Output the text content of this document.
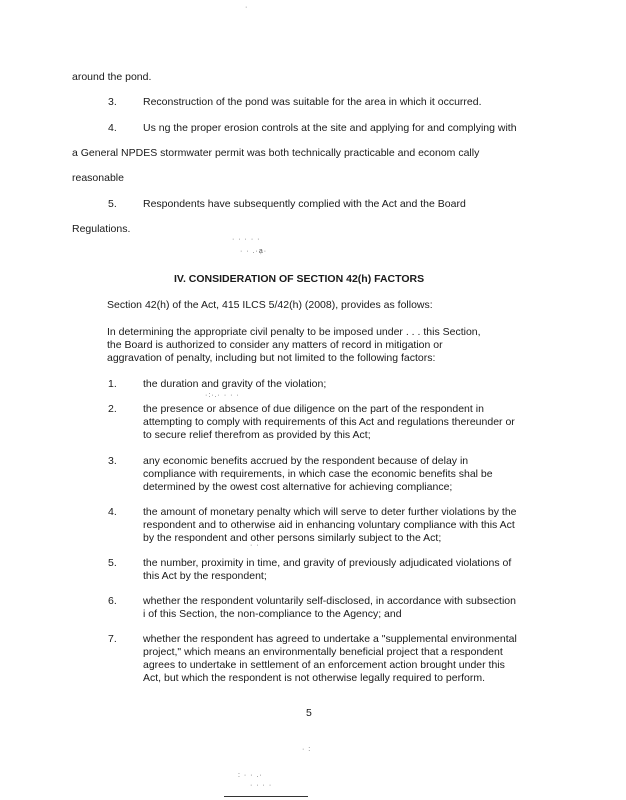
·
· · · · ·
· · .·ạ·
·:·.· · · ·
· ·
· :
: · · .·
· · · ·
around the pond.
3. Reconstruction of the pond was suitable for the area in which it occurred.
4. Us ng the proper erosion controls at the site and applying for and complying with
a General NPDES stormwater permit was both technically practicable and econom cally
reasonable
5. Respondents have subsequently complied with the Act and the Board
Regulations.
IV. CONSIDERATION OF SECTION 42(h) FACTORS
Section 42(h) of the Act, 415 ILCS 5/42(h) (2008), provides as follows:
In determining the appropriate civil penalty to be imposed under . . . this Section,
the Board is authorized to consider any matters of record in mitigation or
aggravation of penalty, including but not limited to the following factors:
1. the duration and gravity of the violation;
2. the presence or absence of due diligence on the part of the respondent in
attempting to comply with requirements of this Act and regulations thereunder or
to secure relief therefrom as provided by this Act;
3. any economic benefits accrued by the respondent because of delay in
compliance with requirements, in which case the economic benefits shal be
determined by the owest cost alternative for achieving compliance;
4. the amount of monetary penalty which will serve to deter further violations by the
respondent and to otherwise aid in enhancing voluntary compliance with this Act
by the respondent and other persons similarly subject to the Act;
5. the number, proximity in time, and gravity of previously adjudicated violations of
this Act by the respondent;
6. whether the respondent voluntarily self-disclosed, in accordance with subsection
i of this Section, the non-compliance to the Agency; and
7. whether the respondent has agreed to undertake a "supplemental environmental
project," which means an environmentally beneficial project that a respondent
agrees to undertake in settlement of an enforcement action brought under this
Act, but which the respondent is not otherwise legally required to perform.
5
